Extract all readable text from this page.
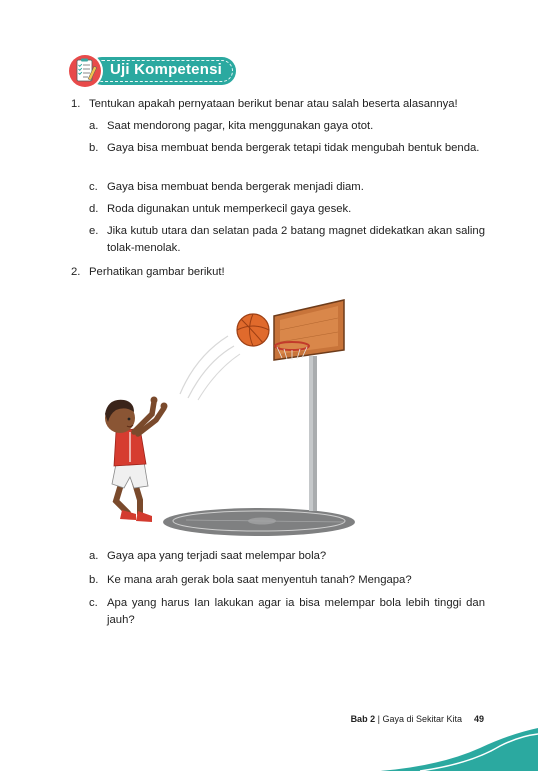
Uji Kompetensi
1. Tentukan apakah pernyataan berikut benar atau salah beserta alasannya!
a. Saat mendorong pagar, kita menggunakan gaya otot.
b. Gaya bisa membuat benda bergerak tetapi tidak mengubah bentuk benda.
c. Gaya bisa membuat benda bergerak menjadi diam.
d. Roda digunakan untuk memperkecil gaya gesek.
e. Jika kutub utara dan selatan pada 2 batang magnet didekatkan akan saling tolak-menolak.
2. Perhatikan gambar berikut!
a. Gaya apa yang terjadi saat melempar bola?
b. Ke mana arah gerak bola saat menyentuh tanah? Mengapa?
c. Apa yang harus Ian lakukan agar ia bisa melempar bola lebih tinggi dan jauh?
Bab 2 | Gaya di Sekitar Kita 49
